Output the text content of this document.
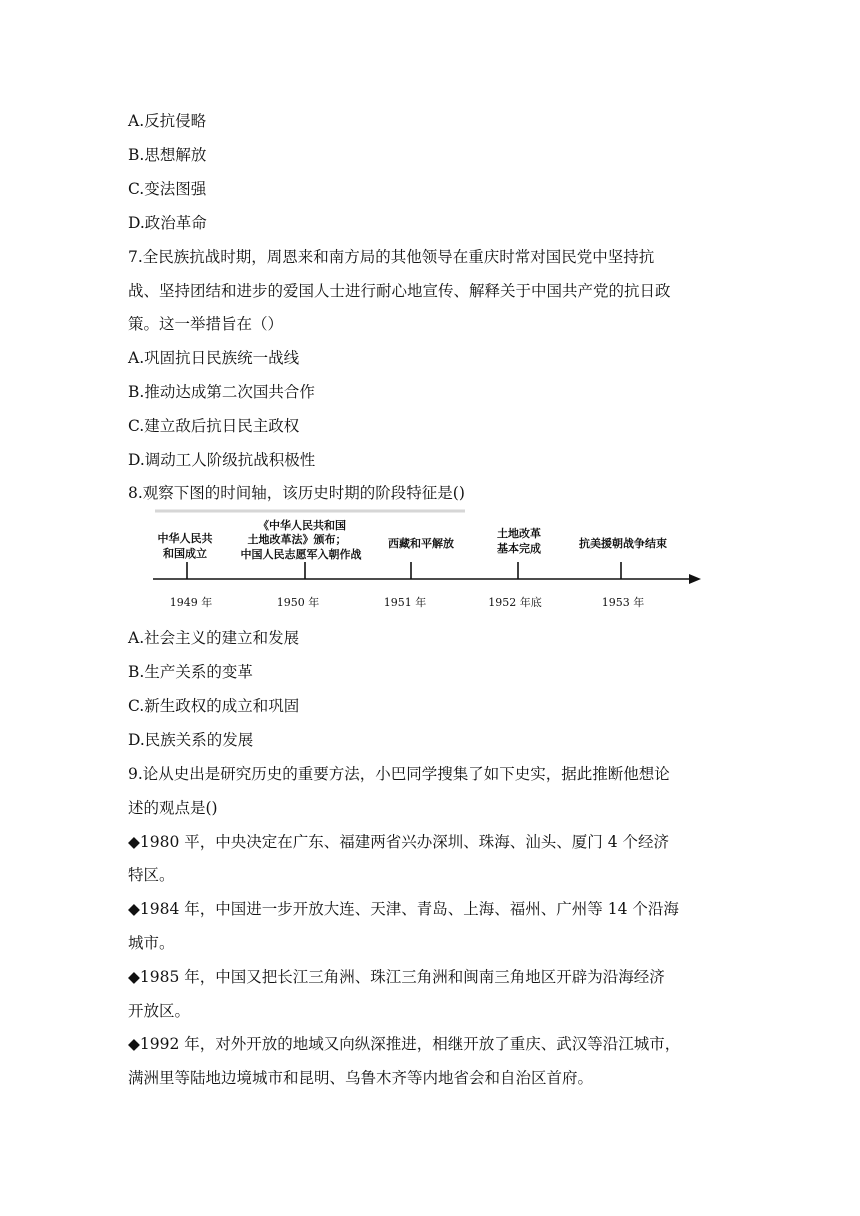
A.反抗侵略
B.思想解放
C.变法图强
D.政治革命
7.全民族抗战时期，周恩来和南方局的其他领导在重庆时常对国民党中坚持抗
战、坚持团结和进步的爱国人士进行耐心地宣传、解释关于中国共产党的抗日政
策。这一举措旨在（）
A.巩固抗日民族统一战线
B.推动达成第二次国共合作
C.建立敌后抗日民主政权
D.调动工人阶级抗战积极性
8.观察下图的时间轴，该历史时期的阶段特征是()
中华人民共
和国成立
1949 年
《中华人民共和国
土地改革法》颁布；
中国人民志愿军入朝作战
1950 年
西藏和平解放
1951 年
土地改革
基本完成
1952 年底
抗美援朝战争结束
1953 年
A.社会主义的建立和发展
B.生产关系的变革
C.新生政权的成立和巩固
D.民族关系的发展
9.论从史出是研究历史的重要方法，小巴同学搜集了如下史实，据此推断他想论
述的观点是()
◆1980 平，中央决定在广东、福建两省兴办深圳、珠海、汕头、厦门 4 个经济
特区。
◆1984 年，中国进一步开放大连、天津、青岛、上海、福州、广州等 14 个沿海
城市。
◆1985 年，中国又把长江三角洲、珠江三角洲和闽南三角地区开辟为沿海经济
开放区。
◆1992 年，对外开放的地域又向纵深推进，相继开放了重庆、武汉等沿江城市，
满洲里等陆地边境城市和昆明、乌鲁木齐等内地省会和自治区首府。
